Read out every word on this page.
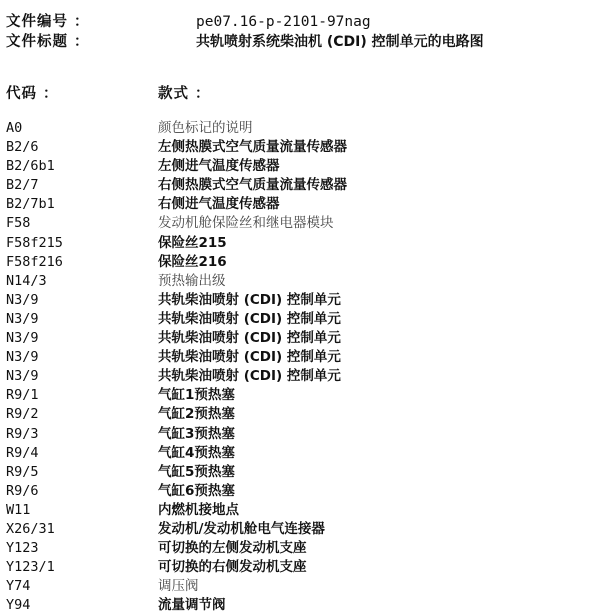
文件编号 ：	pe07.16-p-2101-97nag
文件标题 ：	共轨喷射系统柴油机 (CDI) 控制单元的电路图
代码 ：	款式 ：
A0	颜色标记的说明
B2/6	左侧热膜式空气质量流量传感器
B2/6b1	左侧进气温度传感器
B2/7	右侧热膜式空气质量流量传感器
B2/7b1	右侧进气温度传感器
F58	发动机舱保险丝和继电器模块
F58f215	保险丝215
F58f216	保险丝216
N14/3	预热输出级
N3/9	共轨柴油喷射 (CDI) 控制单元
N3/9	共轨柴油喷射 (CDI) 控制单元
N3/9	共轨柴油喷射 (CDI) 控制单元
N3/9	共轨柴油喷射 (CDI) 控制单元
N3/9	共轨柴油喷射 (CDI) 控制单元
R9/1	气缸1预热塞
R9/2	气缸2预热塞
R9/3	气缸3预热塞
R9/4	气缸4预热塞
R9/5	气缸5预热塞
R9/6	气缸6预热塞
W11	内燃机接地点
X26/31	发动机/发动机舱电气连接器
Y123	可切换的左侧发动机支座
Y123/1	可切换的右侧发动机支座
Y74	调压阀
Y94	流量调节阀
